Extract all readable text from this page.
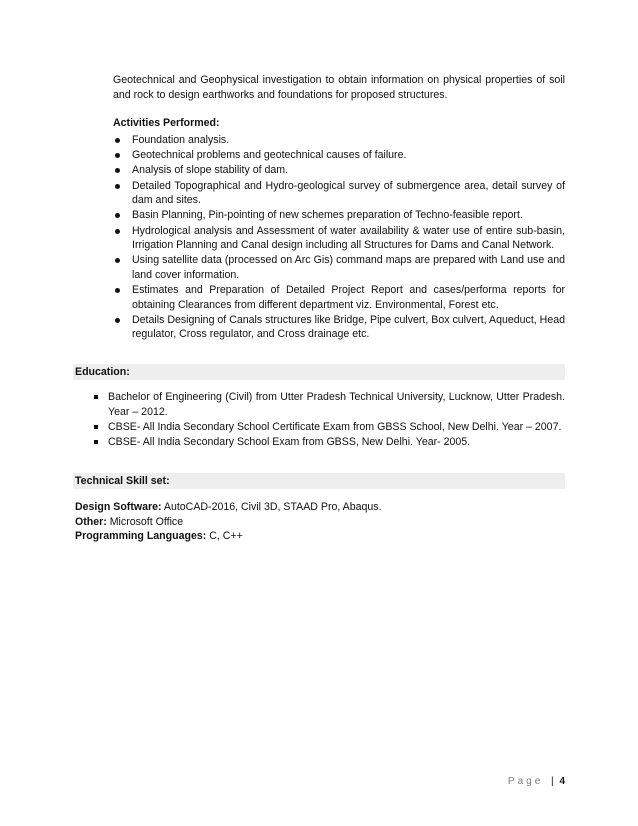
Geotechnical and Geophysical investigation to obtain information on physical properties of soil and rock to design earthworks and foundations for proposed structures.

Activities Performed:

Foundation analysis.
Geotechnical problems and geotechnical causes of failure.
Analysis of slope stability of dam.
Detailed Topographical and Hydro-geological survey of submergence area, detail survey of dam and sites.
Basin Planning, Pin-pointing of new schemes preparation of Techno-feasible report.
Hydrological analysis and Assessment of water availability & water use of entire sub-basin, Irrigation Planning and Canal design including all Structures for Dams and Canal Network.
Using satellite data (processed on Arc Gis) command maps are prepared with Land use and land cover information.
Estimates and Preparation of Detailed Project Report and cases/performa reports for obtaining Clearances from different department viz. Environmental, Forest etc.
Details Designing of Canals structures like Bridge, Pipe culvert, Box culvert, Aqueduct, Head regulator, Cross regulator, and Cross drainage etc.
Education:
Bachelor of Engineering (Civil) from Utter Pradesh Technical University, Lucknow, Utter Pradesh. Year – 2012.
CBSE- All India Secondary School Certificate Exam from GBSS School, New Delhi. Year – 2007.
CBSE- All India Secondary School Exam from GBSS, New Delhi. Year- 2005.
Technical Skill set:
Design Software: AutoCAD-2016, Civil 3D, STAAD Pro, Abaqus.
Other: Microsoft Office
Programming Languages: C, C++
Page | 4
